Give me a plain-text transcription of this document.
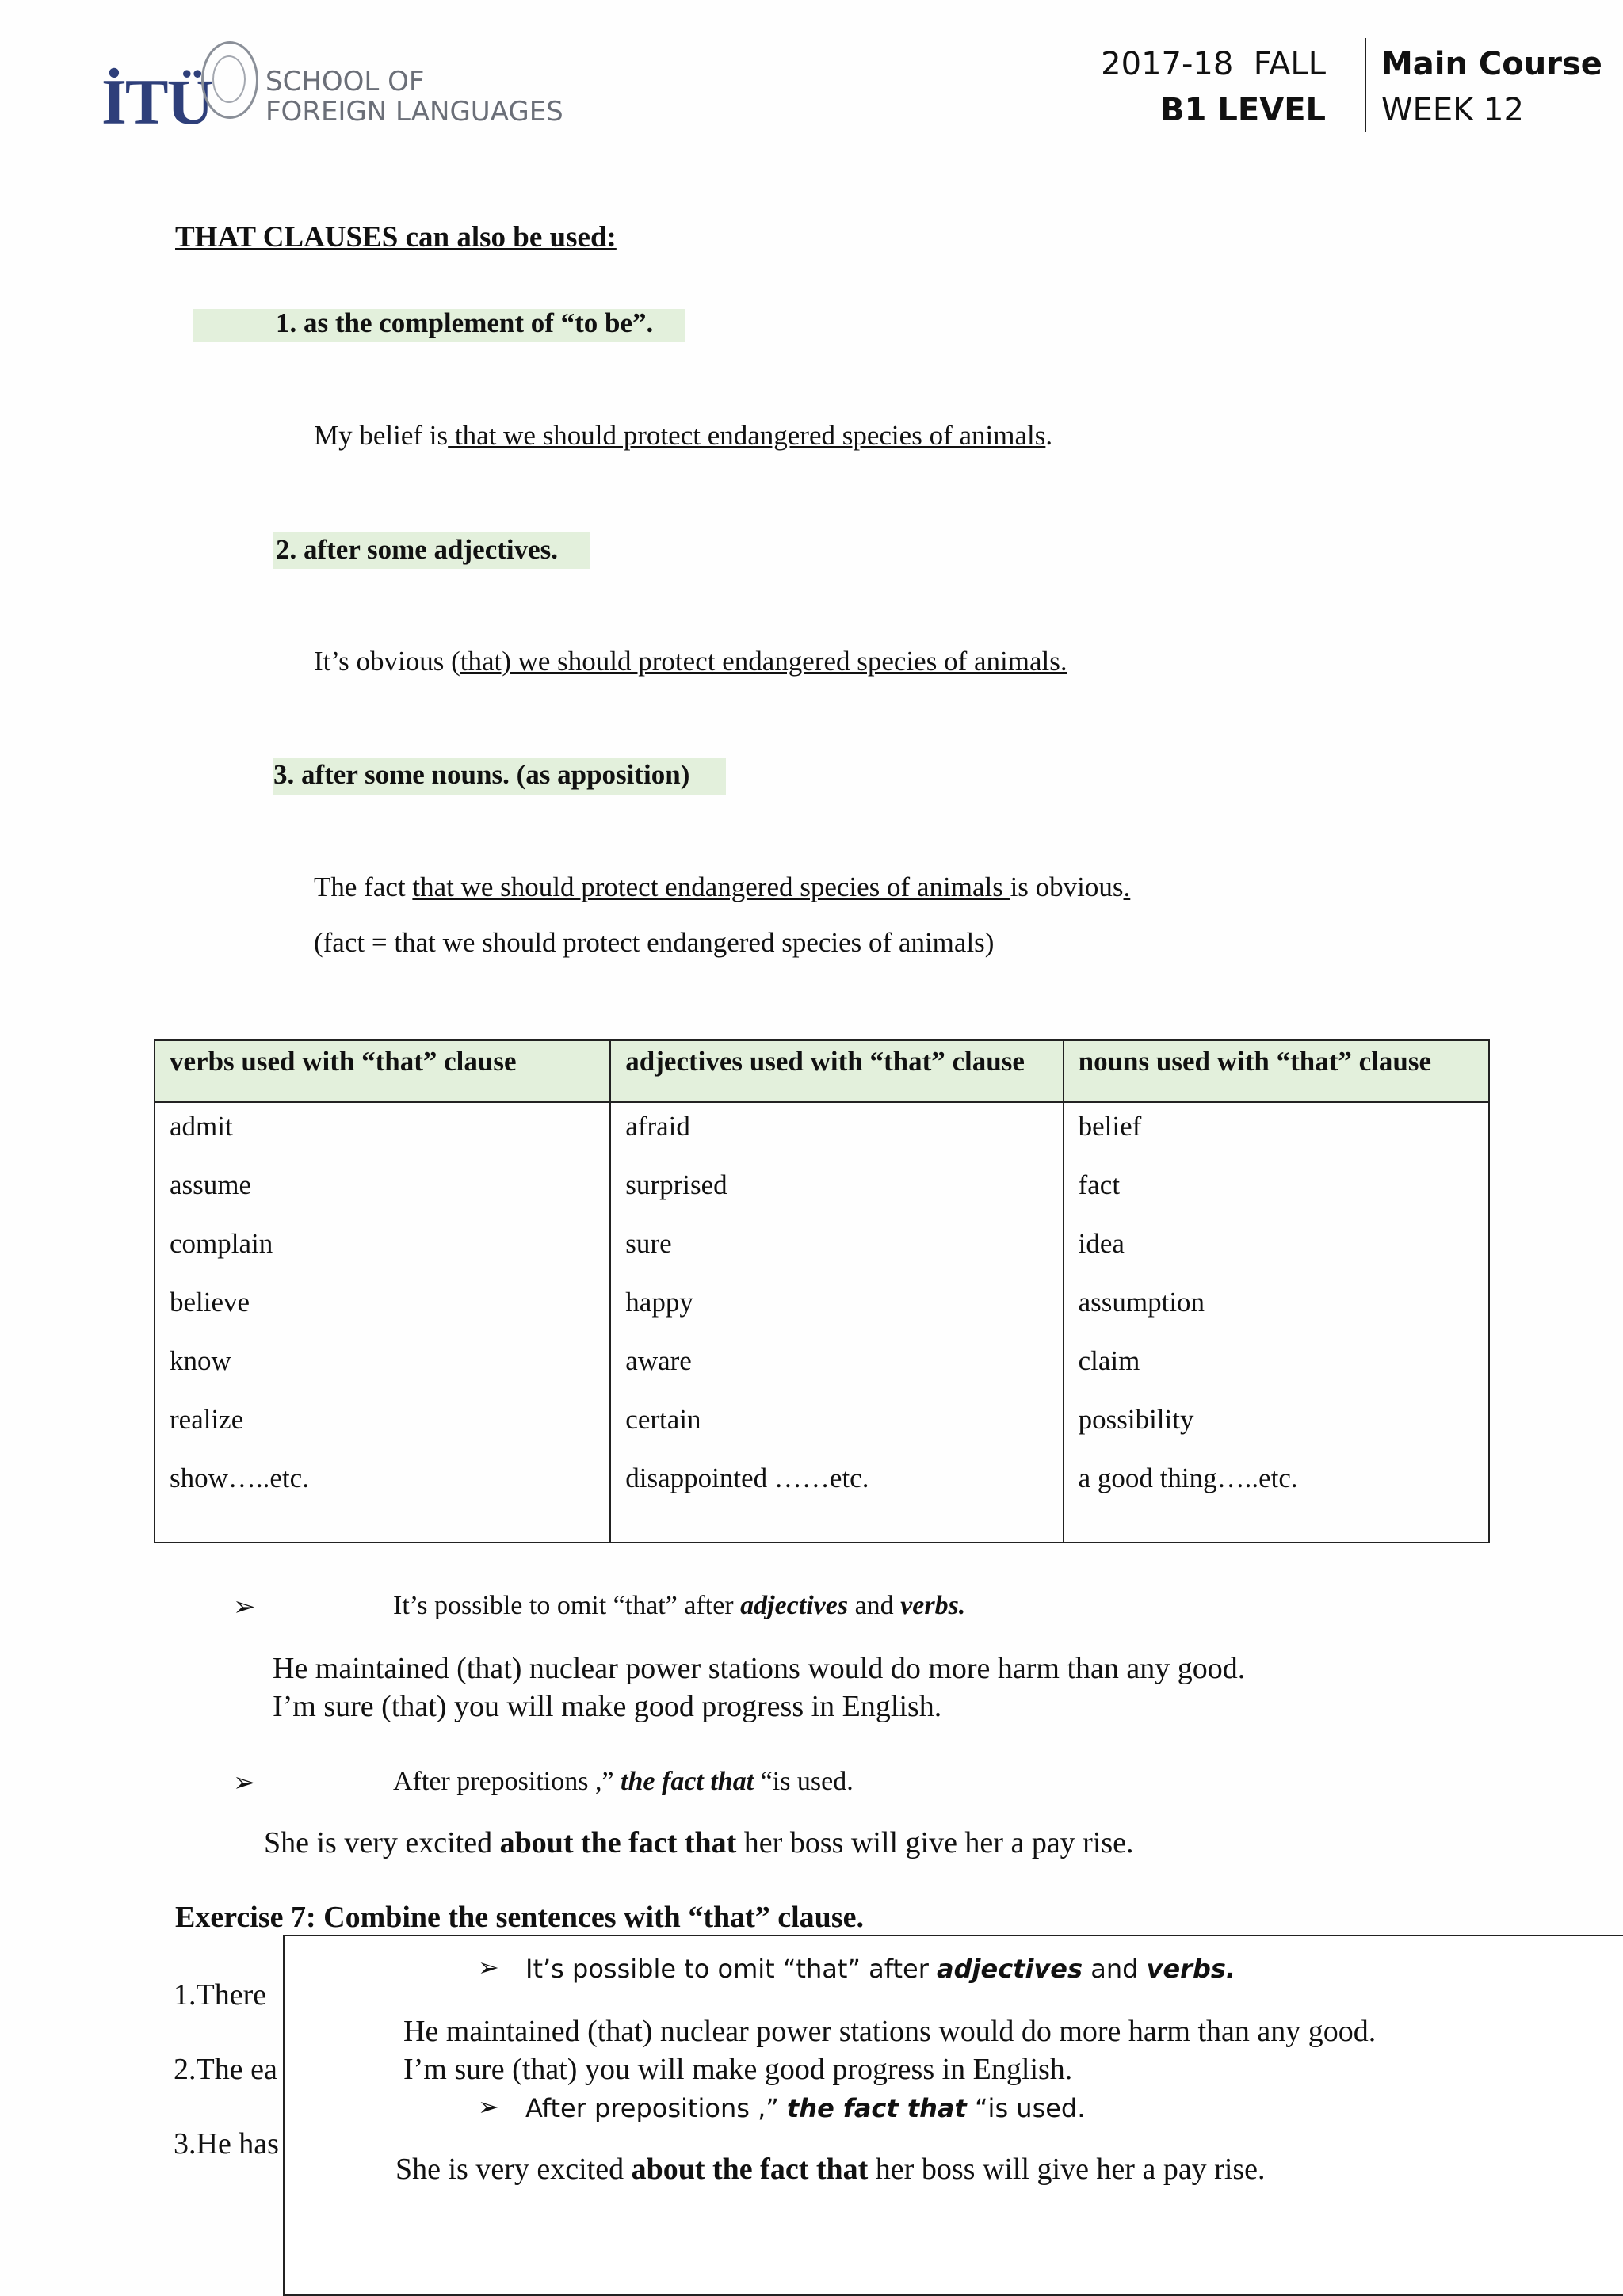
İTÜ SCHOOL OF
FOREIGN LANGUAGES
2017-18  FALL
B1 LEVEL
Main Course
WEEK 12
THAT CLAUSES can also be used:
1. as the complement of “to be”.
My belief is that we should protect endangered species of animals.
2. after some adjectives.
It’s obvious (that) we should protect endangered species of animals.
3. after some nouns. (as apposition)
The fact that we should protect endangered species of animals is obvious.
(fact = that we should protect endangered species of animals)
verbs used with “that” clause	adjectives used with “that” clause	nouns used with “that” clause
admit	afraid	belief
assume	surprised	fact
complain	sure	idea
believe	happy	assumption
know	aware	claim
realize	certain	possibility
show…..etc.	disappointed ……etc.	a good thing…..etc.
➢	It’s possible to omit “that” after adjectives and verbs.
He maintained (that) nuclear power stations would do more harm than any good.
I’m sure (that) you will make good progress in English.
➢	After prepositions ,” the fact that “is used.
She is very excited about the fact that her boss will give her a pay rise.
Exercise 7: Combine the sentences with “that” clause.
1.There
2.The ea
3.He has
➢ It’s possible to omit “that” after adjectives and verbs.
He maintained (that) nuclear power stations would do more harm than any good.
I’m sure (that) you will make good progress in English.
➢ After prepositions ,” the fact that “is used.
She is very excited about the fact that her boss will give her a pay rise.
